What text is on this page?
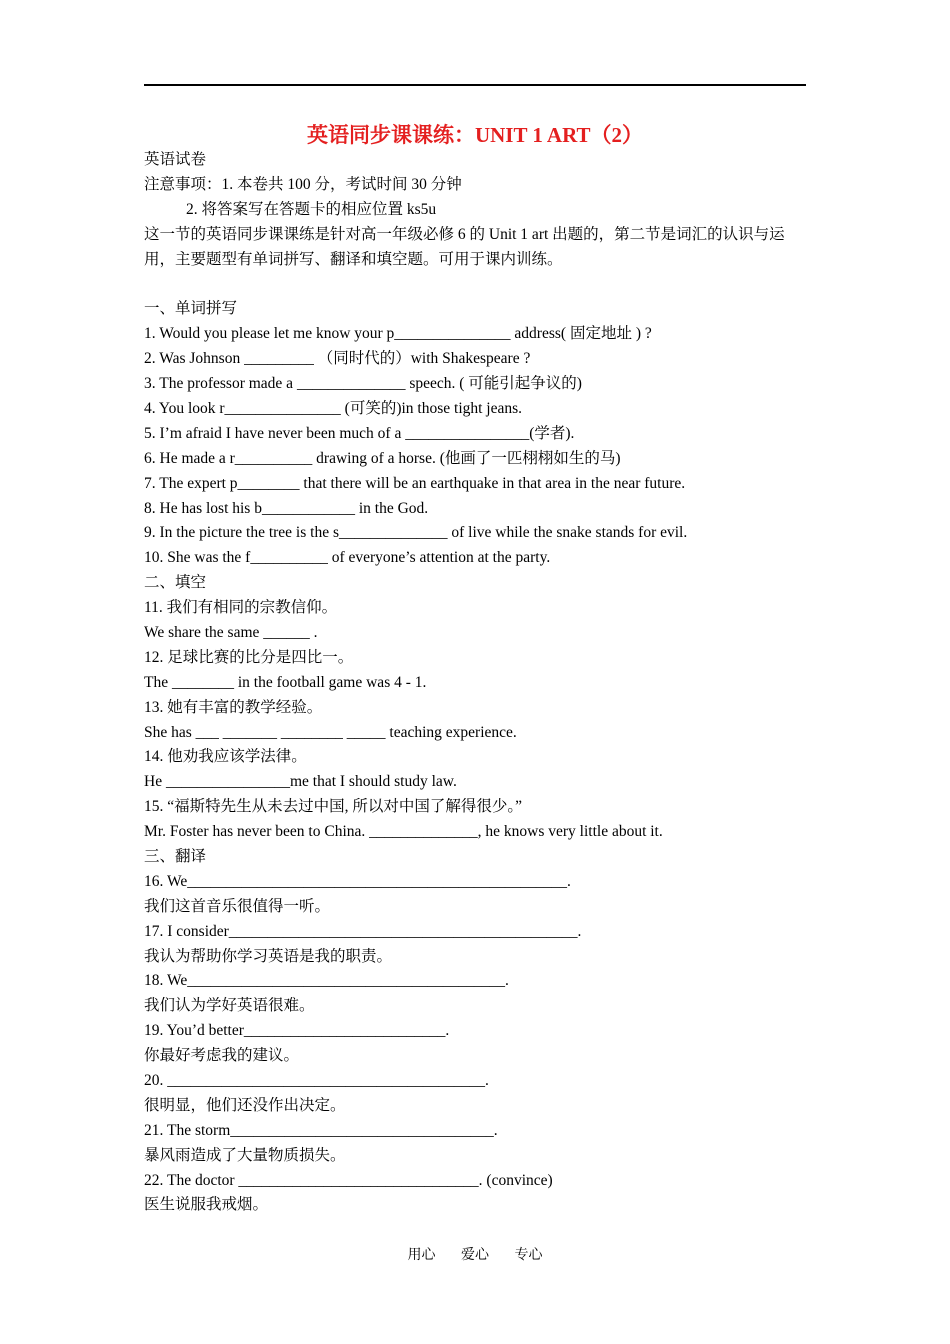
英语同步课课练：UNIT 1 ART（2）
英语试卷
注意事项：1. 本卷共 100 分，考试时间 30 分钟
2. 将答案写在答题卡的相应位置 ks5u
这一节的英语同步课课练是针对高一年级必修 6 的 Unit 1 art 出题的，第二节是词汇的认识与运用，主要题型有单词拼写、翻译和填空题。可用于课内训练。
一、单词拼写
1. Would you please let me know your p_______________ address( 固定地址 ) ?
2. Was Johnson _________ （同时代的）with Shakespeare ?
3. The professor made a ______________ speech. ( 可能引起争议的)
4. You look r_______________ (可笑的)in those tight jeans.
5. I’m afraid I have never been much of a ________________(学者).
6. He made a r__________ drawing of a horse. (他画了一匹栩栩如生的马)
7. The expert p________ that there will be an earthquake in that area in the near future.
8. He has lost his b____________ in the God.
9. In the picture the tree is the s______________ of live while the snake stands for evil.
10. She was the f__________ of everyone’s attention at the party.
二、填空
11. 我们有相同的宗教信仰。
We share the same ______ .
12. 足球比赛的比分是四比一。
The ________ in the football game was 4 - 1.
13. 她有丰富的教学经验。
She has ___ _______ ________ _____ teaching experience.
14. 他劝我应该学法律。
He ________________me that I should study law.
15. “福斯特先生从未去过中国, 所以对中国了解得很少。”
Mr. Foster has never been to China. ______________, he knows very little about it.
三、翻译
16. We_________________________________________________.
我们这首音乐很值得一听。
17. I consider_____________________________________________.
我认为帮助你学习英语是我的职责。
18. We_________________________________________.
我们认为学好英语很难。
19. You’d better__________________________.
你最好考虑我的建议。
20. _________________________________________.
很明显，他们还没作出决定。
21. The storm__________________________________.
暴风雨造成了大量物质损失。
22. The doctor _______________________________. (convince)
医生说服我戒烟。
用心 爱心 专心
